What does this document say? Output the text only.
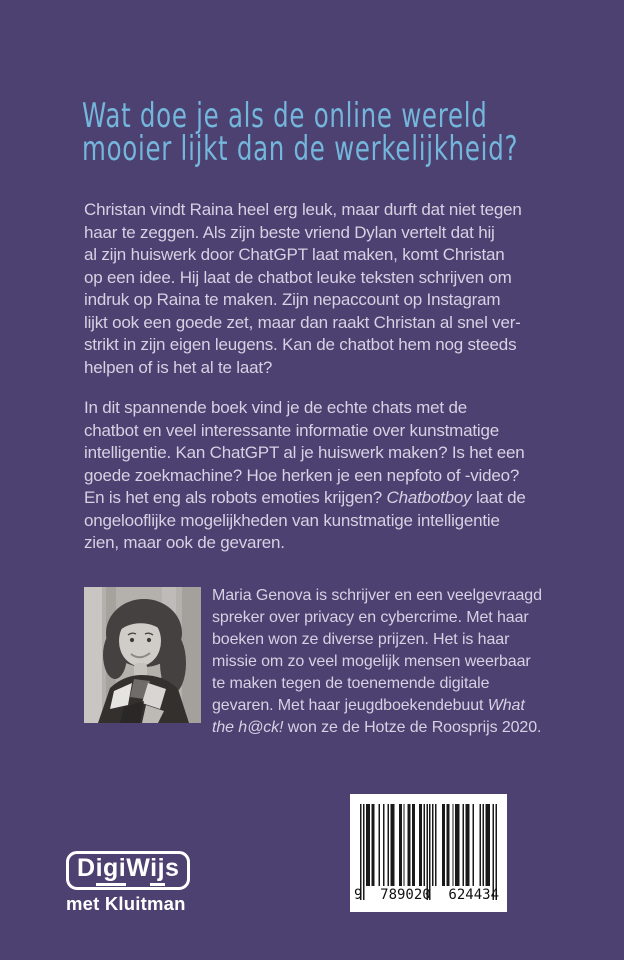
Wat doe je als de online wereld
mooier lijkt dan de werkelijkheid?
Christan vindt Raina heel erg leuk, maar durft dat niet tegen
haar te zeggen. Als zijn beste vriend Dylan vertelt dat hij
al zijn huiswerk door ChatGPT laat maken, komt Christan
op een idee. Hij laat de chatbot leuke teksten schrijven om
indruk op Raina te maken. Zijn nepaccount op Instagram
lijkt ook een goede zet, maar dan raakt Christan al snel ver-
strikt in zijn eigen leugens. Kan de chatbot hem nog steeds
helpen of is het al te laat?
In dit spannende boek vind je de echte chats met de
chatbot en veel interessante informatie over kunstmatige
intelligentie. Kan ChatGPT al je huiswerk maken? Is het een
goede zoekmachine? Hoe herken je een nepfoto of -video?
En is het eng als robots emoties krijgen? Chatbotboy laat de
ongelooflijke mogelijkheden van kunstmatige intelligentie
zien, maar ook de gevaren.
Maria Genova is schrijver en een veelgevraagd
spreker over privacy en cybercrime. Met haar
boeken won ze diverse prijzen. Het is haar
missie om zo veel mogelijk mensen weerbaar
te maken tegen de toenemende digitale
gevaren. Met haar jeugdboekendebuut What
the h@ck! won ze de Hotze de Roosprijs 2020.
DigiWijs
met Kluitman	9 789020 624434
